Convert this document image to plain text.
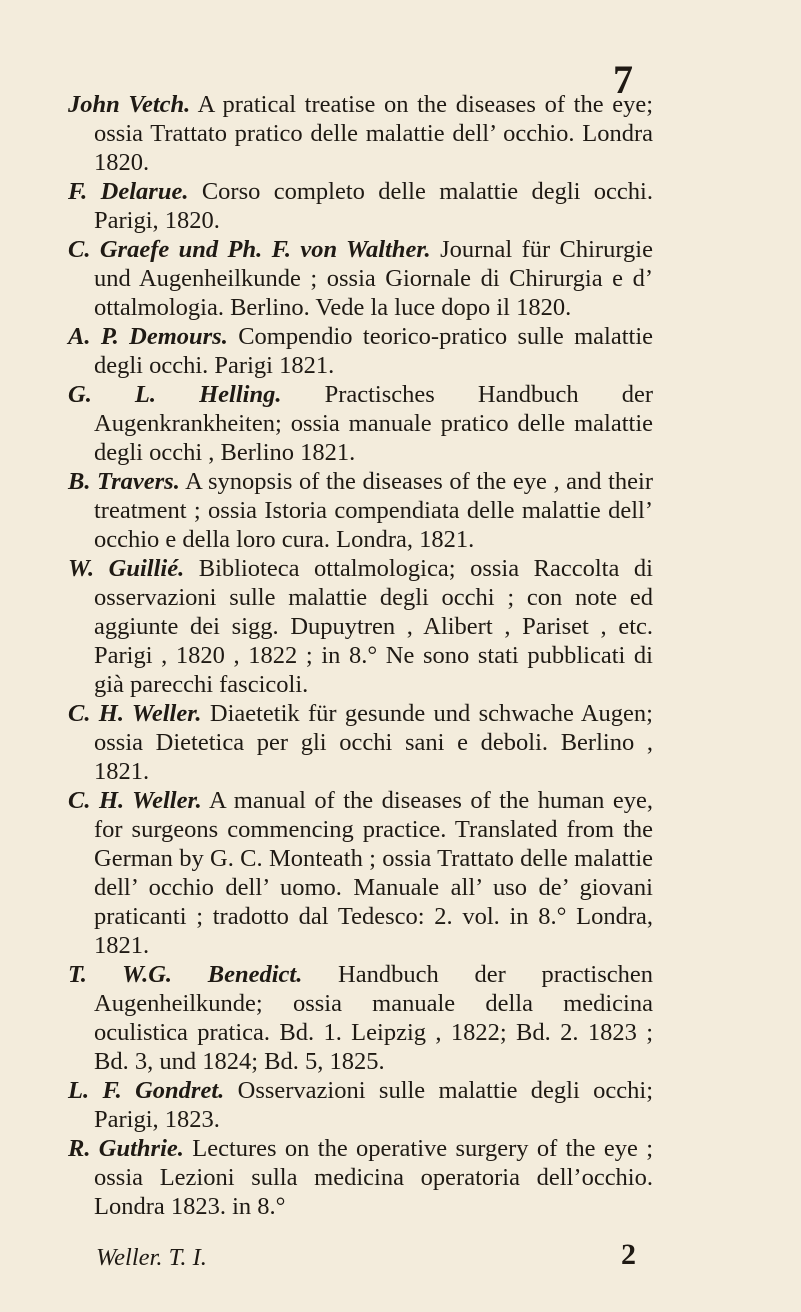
7

John Vetch. A pratical treatise on the diseases of the eye; ossia Trattato pratico delle malattie dell’ occhio. Londra 1820.

F. Delarue. Corso completo delle malattie degli occhi. Parigi, 1820.

C. Graefe und Ph. F. von Walther. Journal für Chirurgie und Augenheilkunde ; ossia Giornale di Chirurgia e d’ ottalmologia. Berlino. Vede la luce dopo il 1820.

A. P. Demours. Compendio teorico-pratico sulle malattie degli occhi. Parigi 1821.

G. L. Helling. Practisches Handbuch der Augenkrankheiten; ossia manuale pratico delle malattie degli occhi , Berlino 1821.

B. Travers. A synopsis of the diseases of the eye , and their treatment ; ossia Istoria compendiata delle malattie dell’ occhio e della loro cura. Londra, 1821.

W. Guillié. Biblioteca ottalmologica; ossia Raccolta di osservazioni sulle malattie degli occhi ; con note ed aggiunte dei sigg. Dupuytren , Alibert , Pariset , etc. Parigi , 1820 , 1822 ; in 8.° Ne sono stati pubblicati di già parecchi fascicoli.

C. H. Weller. Diaetetik für gesunde und schwache Augen; ossia Dietetica per gli occhi sani e deboli. Berlino , 1821.

C. H. Weller. A manual of the diseases of the human eye, for surgeons commencing practice. Translated from the German by G. C. Monteath ; ossia Trattato delle malattie dell’ occhio dell’ uomo. Manuale all’ uso de’ giovani praticanti ; tradotto dal Tedesco: 2. vol. in 8.° Londra, 1821.

T. W.G. Benedict. Handbuch der practischen Augenheilkunde; ossia manuale della medicina oculistica pratica. Bd. 1. Leipzig , 1822; Bd. 2. 1823 ; Bd. 3, und 1824; Bd. 5, 1825.

L. F. Gondret. Osservazioni sulle malattie degli occhi; Parigi, 1823.

R. Guthrie. Lectures on the operative surgery of the eye ; ossia Lezioni sulla medicina operatoria dell’occhio. Londra 1823. in 8.°

Weller. T. I.	2
